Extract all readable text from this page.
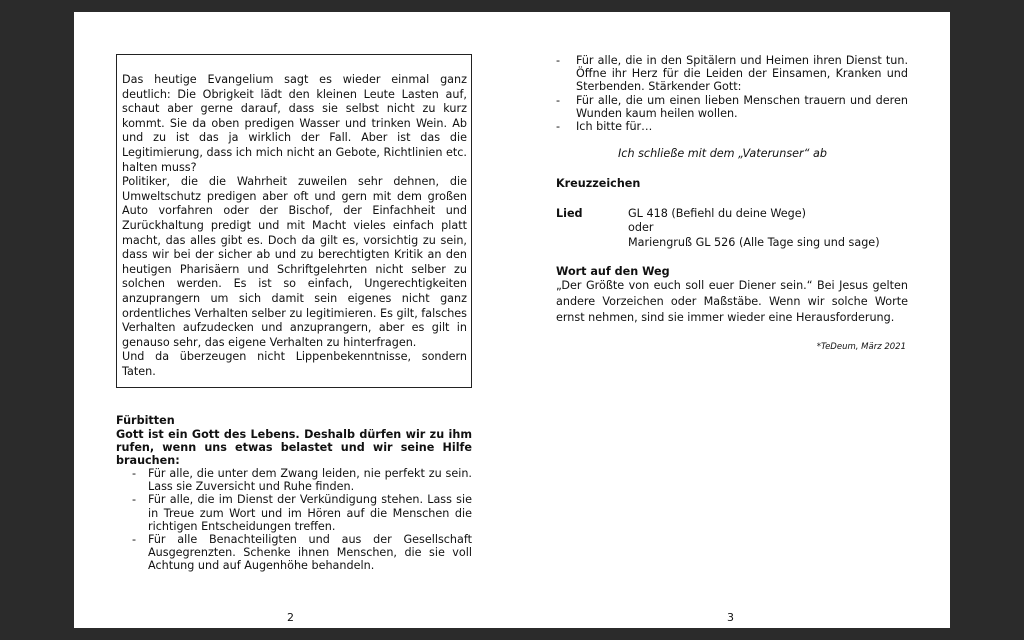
Das heutige Evangelium sagt es wieder einmal ganz deutlich: Die Obrigkeit lädt den kleinen Leute Lasten auf, schaut aber gerne darauf, dass sie selbst nicht zu kurz kommt. Sie da oben predigen Wasser und trinken Wein. Ab und zu ist das ja wirklich der Fall. Aber ist das die Legitimierung, dass ich mich nicht an Gebote, Richtlinien etc. halten muss?

Politiker, die die Wahrheit zuweilen sehr dehnen, die Umweltschutz predigen aber oft und gern mit dem großen Auto vorfahren oder der Bischof, der Einfachheit und Zurückhaltung predigt und mit Macht vieles einfach platt macht, das alles gibt es. Doch da gilt es, vorsichtig zu sein, dass wir bei der sicher ab und zu berechtigten Kritik an den heutigen Pharisäern und Schriftgelehrten nicht selber zu solchen werden. Es ist so einfach, Ungerechtigkeiten anzuprangern um sich damit sein eigenes nicht ganz ordentliches Verhalten selber zu legitimieren. Es gilt, falsches Verhalten aufzudecken und anzuprangern, aber es gilt in genauso sehr, das eigene Verhalten zu hinterfragen.

Und da überzeugen nicht Lippenbekenntnisse, sondern Taten.

Fürbitten

Gott ist ein Gott des Lebens. Deshalb dürfen wir zu ihm rufen, wenn uns etwas belastet und wir seine Hilfe brauchen:

- Für alle, die unter dem Zwang leiden, nie perfekt zu sein. Lass sie Zuversicht und Ruhe finden.
- Für alle, die im Dienst der Verkündigung stehen. Lass sie in Treue zum Wort und im Hören auf die Menschen die richtigen Entscheidungen treffen.
- Für alle Benachteiligten und aus der Gesellschaft Ausgegrenzten. Schenke ihnen Menschen, die sie voll Achtung und auf Augenhöhe behandeln.
- Für alle, die in den Spitälern und Heimen ihren Dienst tun. Öffne ihr Herz für die Leiden der Einsamen, Kranken und Sterbenden. Stärkender Gott:
- Für alle, die um einen lieben Menschen trauern und deren Wunden kaum heilen wollen.
- Ich bitte für…

Ich schließe mit dem „Vaterunser“ ab

Kreuzzeichen

Lied	GL 418 (Befiehl du deine Wege)
oder
Mariengruß GL 526 (Alle Tage sing und sage)

Wort auf den Weg

„Der Größte von euch soll euer Diener sein.“ Bei Jesus gelten andere Vorzeichen oder Maßstäbe. Wenn wir solche Worte ernst nehmen, sind sie immer wieder eine Herausforderung.

*TeDeum, März 2021
2	3
